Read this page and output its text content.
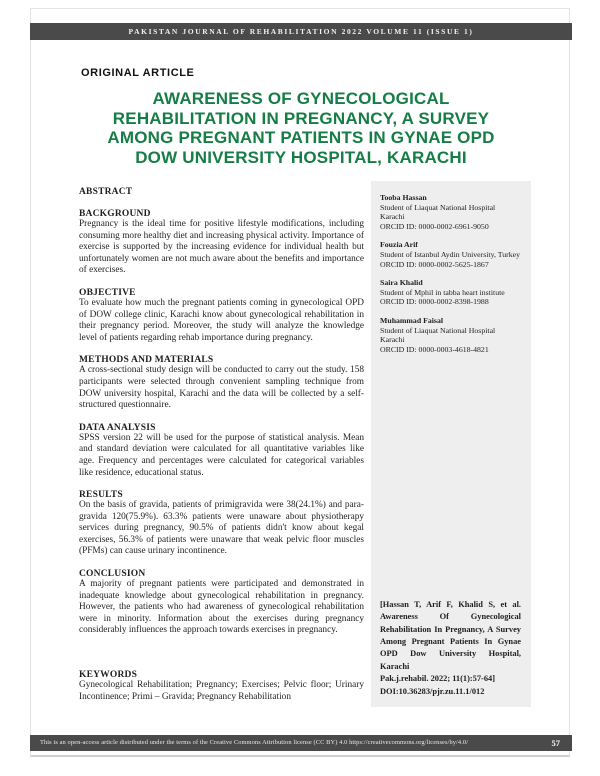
PAKISTAN JOURNAL OF REHABILITATION 2022 VOLUME 11 (ISSUE 1)
ORIGINAL ARTICLE
AWARENESS OF GYNECOLOGICAL REHABILITATION IN PREGNANCY, A SURVEY AMONG PREGNANT PATIENTS IN GYNAE OPD DOW UNIVERSITY HOSPITAL, KARACHI
ABSTRACT
BACKGROUND

Pregnancy is the ideal time for positive lifestyle modifications, including consuming more healthy diet and increasing physical activity. Importance of exercise is supported by the increasing evidence for individual health but unfortunately women are not much aware about the benefits and importance of exercises.

OBJECTIVE

To evaluate how much the pregnant patients coming in gynecological OPD of DOW college clinic, Karachi know about gynecological rehabilitation in their pregnancy period. Moreover, the study will analyze the knowledge level of patients regarding rehab importance during pregnancy.

METHODS AND MATERIALS

A cross-sectional study design will be conducted to carry out the study. 158 participants were selected through convenient sampling technique from DOW university hospital, Karachi and the data will be collected by a self-structured questionnaire.

DATA ANALYSIS

SPSS version 22 will be used for the purpose of statistical analysis. Mean and standard deviation were calculated for all quantitative variables like age. Frequency and percentages were calculated for categorical variables like residence, educational status.

RESULTS

On the basis of gravida, patients of primigravida were 38(24.1%) and para-gravida 120(75.9%). 63.3% patients were unaware about physiotherapy services during pregnancy, 90.5% of patients didn't know about kegal exercises, 56.3% of patients were unaware that weak pelvic floor muscles (PFMs) can cause urinary incontinence.

CONCLUSION

A majority of pregnant patients were participated and demonstrated in inadequate knowledge about gynecological rehabilitation in pregnancy. However, the patients who had awareness of gynecological rehabilitation were in minority. Information about the exercises during pregnancy considerably influences the approach towards exercises in pregnancy.

KEYWORDS

Gynecological Rehabilitation; Pregnancy; Exercises; Pelvic floor; Urinary Incontinence; Primi – Gravida; Pregnancy Rehabilitation

Tooba Hassan
Student of Liaquat National Hospital Karachi
ORCID ID: 0000-0002-6961-9050
Fouzia Arif
Student of Istanbul Aydin University, Turkey
ORCID ID: 0000-0002-5625-1867
Saira Khalid
Student of Mphil in tabba heart institute
ORCID ID: 0000-0002-8398-1988
Muhammad Faisal
Student of Liaquat National Hospital Karachi
ORCID ID: 0000-0003-4618-4821
[Hassan T, Arif F, Khalid S, et al. Awareness Of Gynecological Rehabilitation In Pregnancy, A Survey Among Pregnant Patients In Gynae OPD Dow University Hospital, Karachi
Pak.j.rehabil. 2022; 11(1):57-64]
DOI:10.36283/pjr.zu.11.1/012
This is an open-access article distributed under the terms of the Creative Commons Attribution license (CC BY) 4.0 https://creativecommons.org/licenses/by/4.0/	57
